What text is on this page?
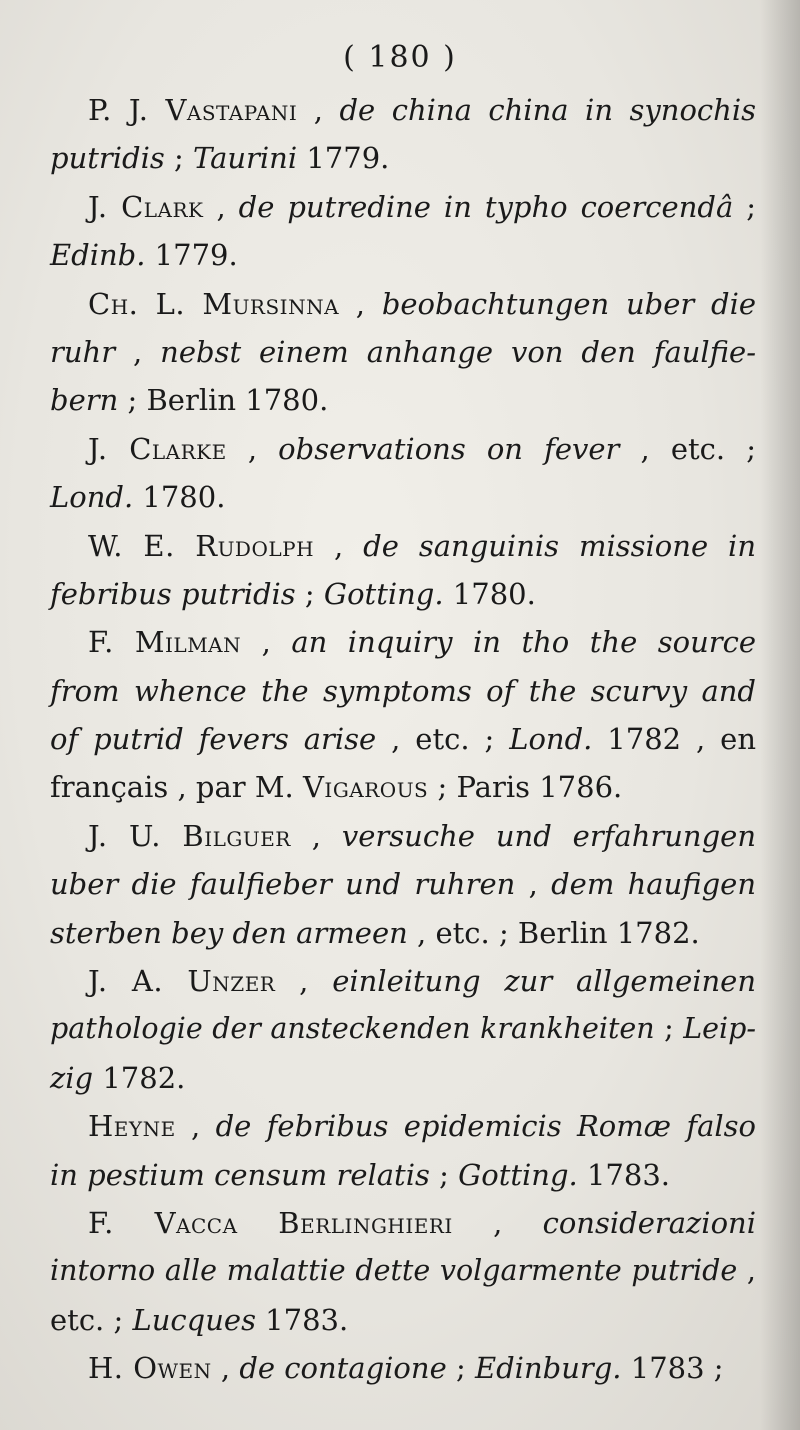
( 180 )
P. J. Vastapani , de china china in synochis
putridis ; Taurini 1779.
J. Clark , de putredine in typho coercendâ ;
Edinb. 1779.
Ch. L. Mursinna , beobachtungen uber die
ruhr , nebst einem anhange von den faulfie-
bern ; Berlin 1780.
J. Clarke , observations on fever , etc. ;
Lond. 1780.
W. E. Rudolph , de sanguinis missione in
febribus putridis ; Gotting. 1780.
F. Milman , an inquiry in tho the source
from whence the symptoms of the scurvy and
of putrid fevers arise , etc. ; Lond. 1782 , en
français , par M. Vigarous ; Paris 1786.
J. U. Bilguer , versuche und erfahrungen
uber die faulfieber und ruhren , dem haufigen
sterben bey den armeen , etc. ; Berlin 1782.
J. A. Unzer , einleitung zur allgemeinen
pathologie der ansteckenden krankheiten ; Leip-
zig 1782.
Heyne , de febribus epidemicis Romæ falso
in pestium censum relatis ; Gotting. 1783.
F. Vacca Berlinghieri , considerazioni
intorno alle malattie dette volgarmente putride ,
etc. ; Lucques 1783.
H. Owen , de contagione ; Edinburg. 1783 ;
